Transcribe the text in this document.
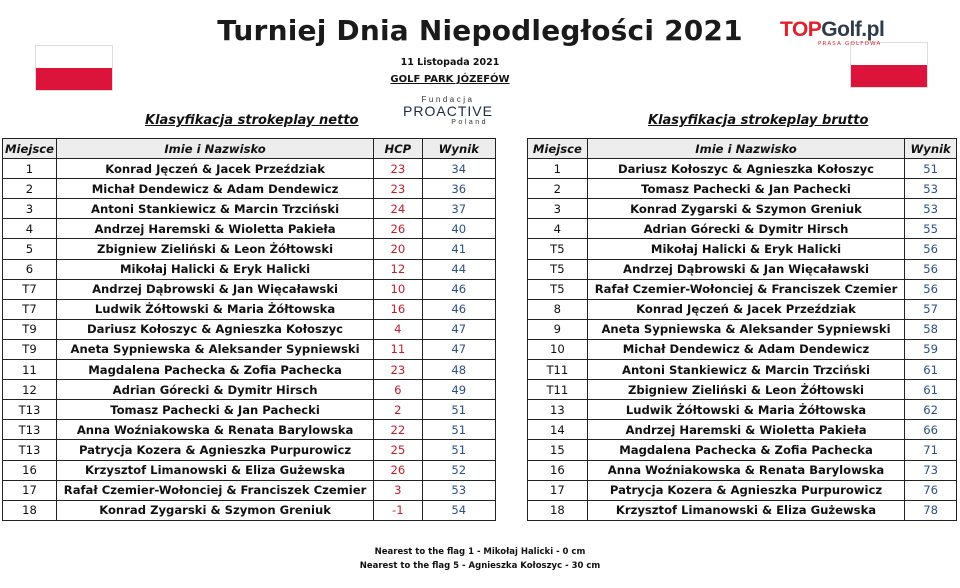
Turniej Dnia Niepodległości 2021
11 Listopada 2021
GOLF PARK JÓZEFÓW
TOPGolf.pl
PRASA GOLFOWA
Fundacja
PROACTIVE
Poland
Klasyfikacja strokeplay netto	Klasyfikacja strokeplay brutto
Miejsce	Imie i Nazwisko	HCP	Wynik
1	Konrad Jęczeń & Jacek Przeździak	23	34
2	Michał Dendewicz & Adam Dendewicz	23	36
3	Antoni Stankiewicz & Marcin Trzciński	24	37
4	Andrzej Haremski & Wioletta Pakieła	26	40
5	Zbigniew Zieliński & Leon Żółtowski	20	41
6	Mikołaj Halicki & Eryk Halicki	12	44
T7	Andrzej Dąbrowski & Jan Więcaławski	10	46
T7	Ludwik Żółtowski & Maria Żółtowska	16	46
T9	Dariusz Kołoszyc & Agnieszka Kołoszyc	4	47
T9	Aneta Sypniewska & Aleksander Sypniewski	11	47
11	Magdalena Pachecka & Zofia Pachecka	23	48
12	Adrian Górecki & Dymitr Hirsch	6	49
T13	Tomasz Pachecki & Jan Pachecki	2	51
T13	Anna Woźniakowska & Renata Barylowska	22	51
T13	Patrycja Kozera & Agnieszka Purpurowicz	25	51
16	Krzysztof Limanowski & Eliza Gużewska	26	52
17	Rafał Czemier-Wołonciej & Franciszek Czemier	3	53
18	Konrad Zygarski & Szymon Greniuk	-1	54
Miejsce	Imie i Nazwisko	Wynik
1	Dariusz Kołoszyc & Agnieszka Kołoszyc	51
2	Tomasz Pachecki & Jan Pachecki	53
3	Konrad Zygarski & Szymon Greniuk	53
4	Adrian Górecki & Dymitr Hirsch	55
T5	Mikołaj Halicki & Eryk Halicki	56
T5	Andrzej Dąbrowski & Jan Więcaławski	56
T5	Rafał Czemier-Wołonciej & Franciszek Czemier	56
8	Konrad Jęczeń & Jacek Przeździak	57
9	Aneta Sypniewska & Aleksander Sypniewski	58
10	Michał Dendewicz & Adam Dendewicz	59
T11	Antoni Stankiewicz & Marcin Trzciński	61
T11	Zbigniew Zieliński & Leon Żółtowski	61
13	Ludwik Żółtowski & Maria Żółtowska	62
14	Andrzej Haremski & Wioletta Pakieła	66
15	Magdalena Pachecka & Zofia Pachecka	71
16	Anna Woźniakowska & Renata Barylowska	73
17	Patrycja Kozera & Agnieszka Purpurowicz	76
18	Krzysztof Limanowski & Eliza Gużewska	78
Nearest to the flag 1 - Mikołaj Halicki - 0 cm
Nearest to the flag 5 - Agnieszka Kołoszyc - 30 cm
